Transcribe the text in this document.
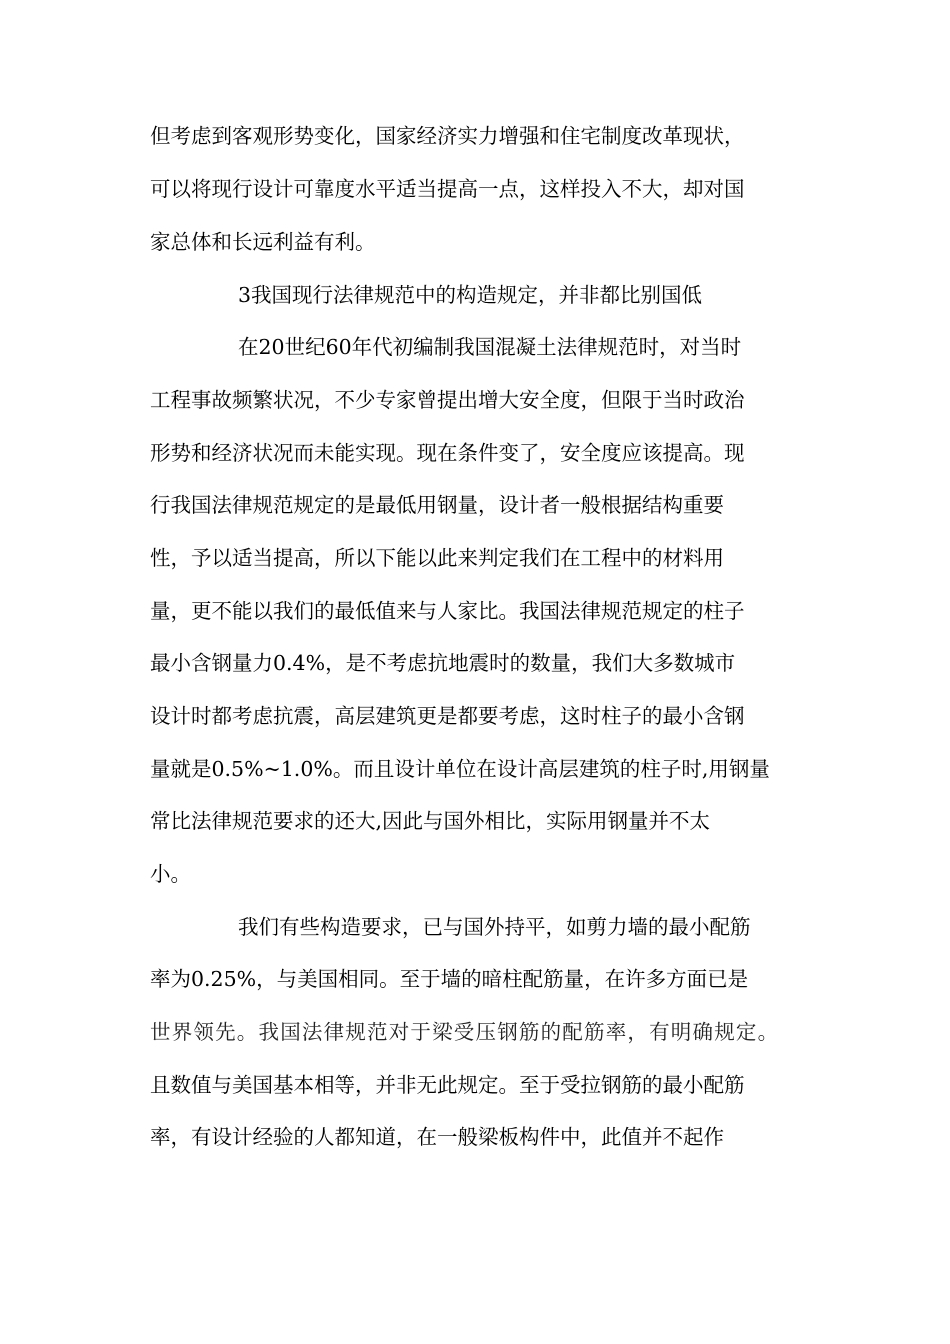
但考虑到客观形势变化，国家经济实力增强和住宅制度改革现状，
可以将现行设计可靠度水平适当提高一点，这样投入不大，却对国
家总体和长远利益有利。
3我国现行法律规范中的构造规定，并非都比别国低
在20世纪60年代初编制我国混凝土法律规范时，对当时
工程事故频繁状况，不少专家曾提出增大安全度，但限于当时政治
形势和经济状况而未能实现。现在条件变了，安全度应该提高。现
行我国法律规范规定的是最低用钢量，设计者一般根据结构重要
性，予以适当提高，所以下能以此来判定我们在工程中的材料用
量，更不能以我们的最低值来与人家比。我国法律规范规定的柱子
最小含钢量力0.4%，是不考虑抗地震时的数量，我们大多数城市
设计时都考虑抗震，高层建筑更是都要考虑，这时柱子的最小含钢
量就是0.5%~1.0%。而且设计单位在设计高层建筑的柱子时,用钢量
常比法律规范要求的还大,因此与国外相比，实际用钢量并不太
小。
我们有些构造要求，已与国外持平，如剪力墙的最小配筋
率为0.25%，与美国相同。至于墙的暗柱配筋量，在许多方面已是
世界领先。我国法律规范对于梁受压钢筋的配筋率，有明确规定。
且数值与美国基本相等，并非无此规定。至于受拉钢筋的最小配筋
率，有设计经验的人都知道，在一般梁板构件中，此值并不起作
